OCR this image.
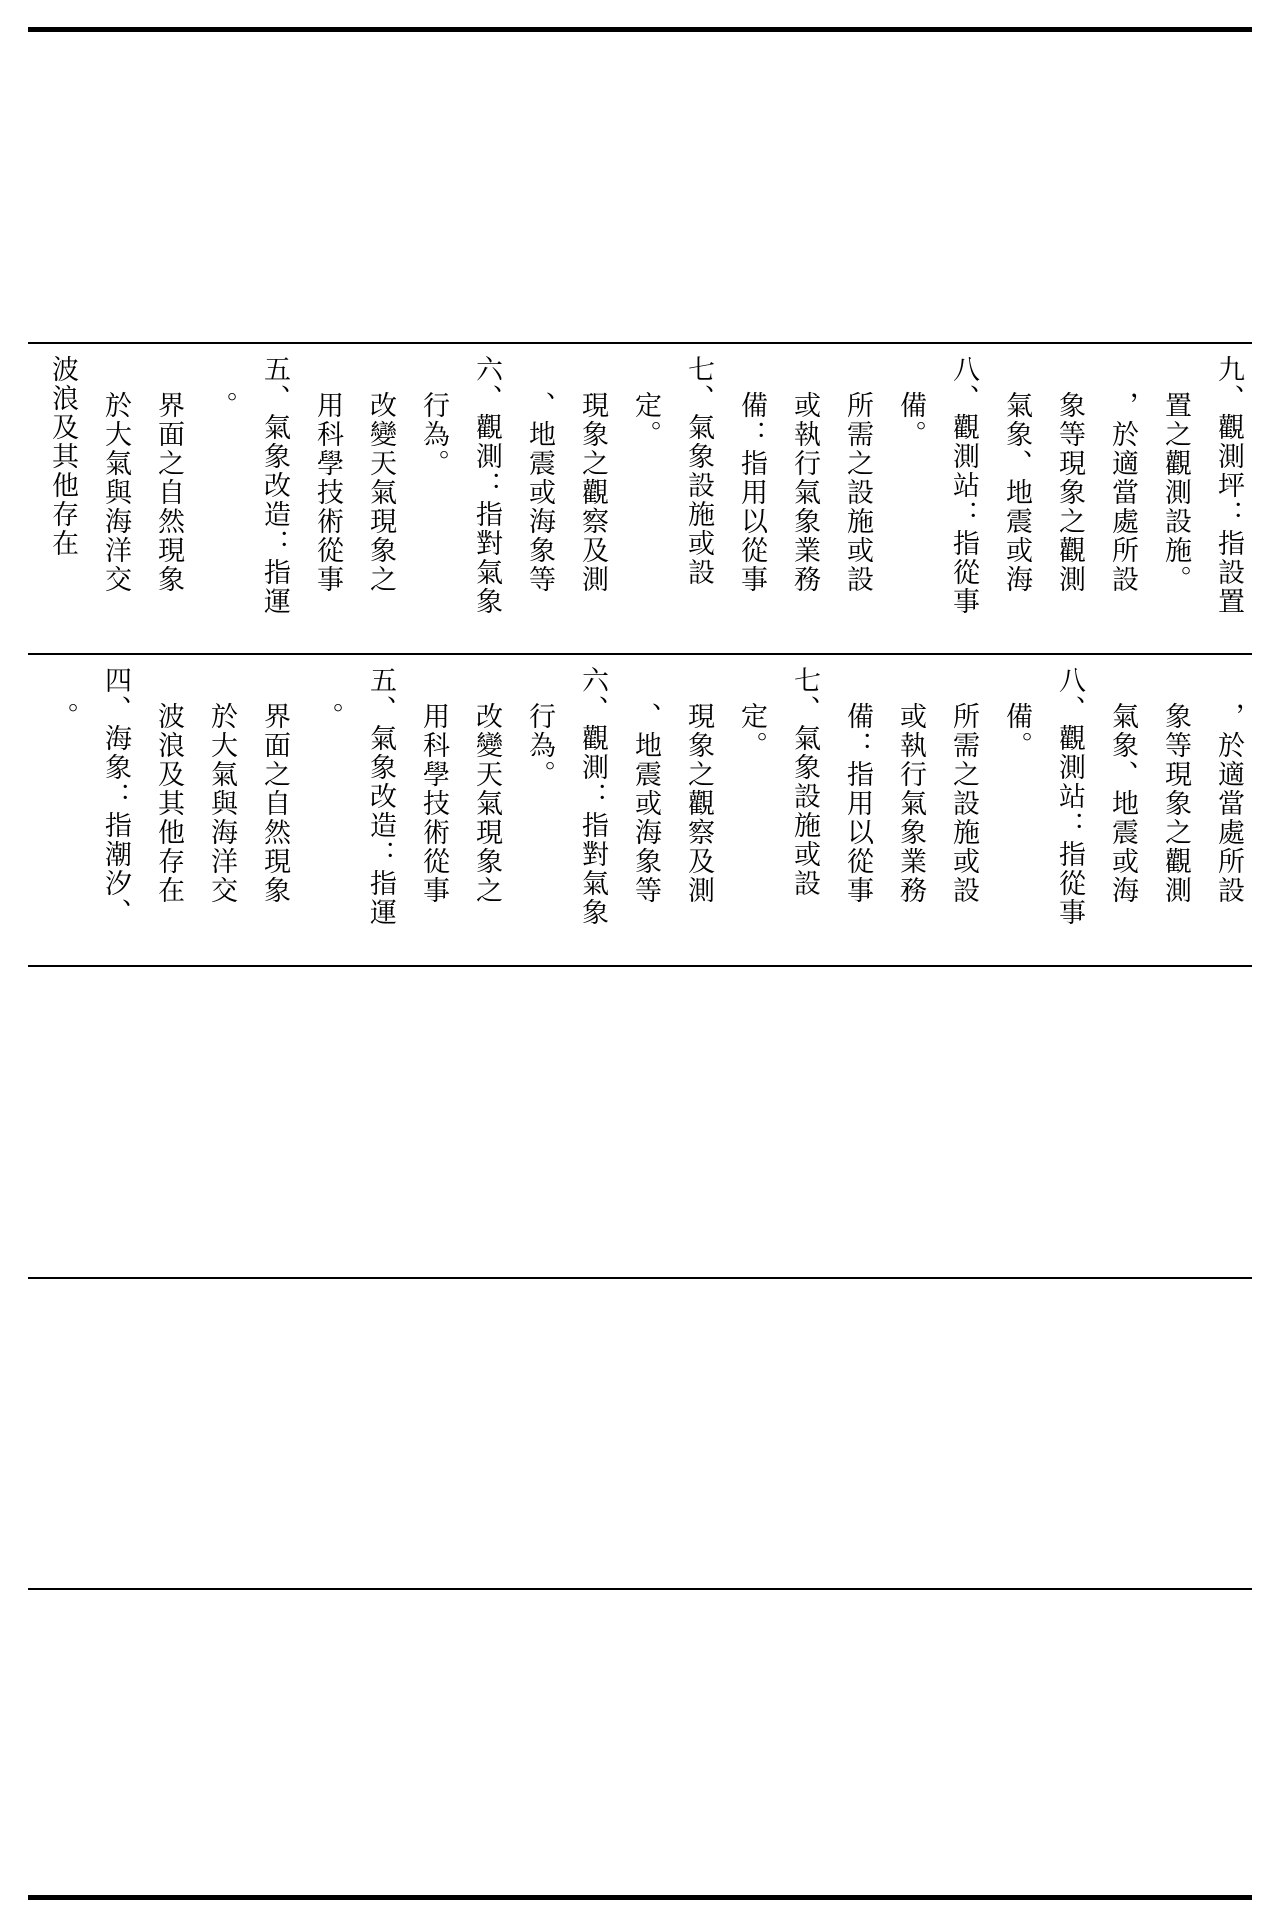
波浪及其他存在 於大氣與海洋交 界面之自然現象 。 五、氣象改造：指運 用科學技術從事 改變天氣現象之 行為。 六、觀測：指對氣象 、地震或海象等 現象之觀察及測 定。 七、氣象設施或設 備：指用以從事 或執行氣象業務 所需之設施或設 備。 八、觀測站：指從事 氣象、地震或海 象等現象之觀測 ，於適當處所設 置之觀測設施。 九、觀測坪：指設置
。 四、海象：指潮汐、 波浪及其他存在 於大氣與海洋交 界面之自然現象 。 五、氣象改造：指運 用科學技術從事 改變天氣現象之 行為。 六、觀測：指對氣象 、地震或海象等 現象之觀察及測 定。 七、氣象設施或設 備：指用以從事 或執行氣象業務 所需之設施或設 備。 八、觀測站：指從事 氣象、地震或海 象等現象之觀測 ，於適當處所設
